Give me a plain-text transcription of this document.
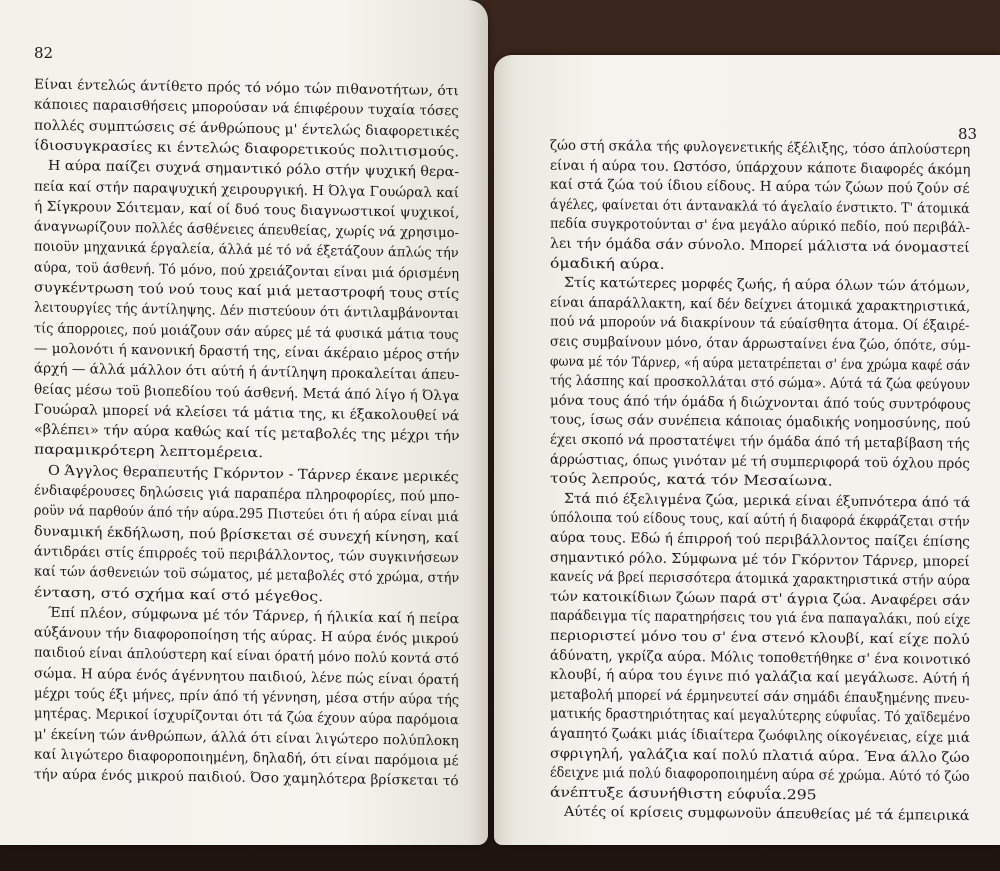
82
Είναι έντελώς άντίθετο πρός τό νόμο τών πιθανοτήτων, ότι
κάποιες παραισθήσεις μπορούσαν νά έπιφέρουν τυχαία τόσες
πολλές συμπτώσεις σέ άνθρώπους μ' έντελώς διαφορετικές
ίδιοσυγκρασίες κι έντελώς διαφορετικούς πολιτισμούς.
Η αύρα παίζει συχνά σημαντικό ρόλο στήν ψυχική θερα-
πεία καί στήν παραψυχική χειρουργική. Η Όλγα Γουώραλ καί
ή Σίγκρουν Σόιτεμαν, καί οί δυό τους διαγνωστικοί ψυχικοί,
άναγνωρίζουν πολλές άσθένειες άπευθείας, χωρίς νά χρησιμο-
ποιοϋν μηχανικά έργαλεία, άλλά μέ τό νά έξετάζουν άπλώς τήν
αύρα, τοϋ άσθενή. Τό μόνο, πού χρειάζονται είναι μιά όρισμένη
συγκέντρωση τού νού τους καί μιά μεταστροφή τους στίς
λειτουργίες τής άντίληψης. Δέν πιστεύουν ότι άντιλαμβάνονται
τίς άπορροιες, πού μοιάζουν σάν αύρες μέ τά φυσικά μάτια τους
— μολονότι ή κανονική δραστή της, είναι άκέραιο μέρος στήν
άρχή — άλλά μάλλον ότι αύτή ή άντίληψη προκαλείται άπευ-
θείας μέσω τοϋ βιοπεδίου τού άσθενή. Μετά άπό λίγο ή Όλγα
Γουώραλ μπορεί νά κλείσει τά μάτια της, κι έξακολουθεί νά
«βλέπει» τήν αύρα καθώς καί τίς μεταβολές της μέχρι τήν
παραμικρότερη λεπτομέρεια.
Ο Άγγλος θεραπευτής Γκόρντον - Τάρνερ έκανε μερικές
ένδιαφέρουσες δηλώσεις γιά παραπέρα πληροφορίες, πού μπο-
ροϋν νά παρθούν άπό τήν αύρα.295 Πιστεύει ότι ή αύρα είναι μιά
δυναμική έκδήλωση, πού βρίσκεται σέ συνεχή κίνηση, καί
άντιδράει στίς έπιρροές τοϋ περιβάλλοντος, τών συγκινήσεων
καί τών άσθενειών τοϋ σώματος, μέ μεταβολές στό χρώμα, στήν
ένταση, στό σχήμα καί στό μέγεθος.
Έπί πλέον, σύμφωνα μέ τόν Τάρνερ, ή ήλικία καί ή πείρα
αύξάνουν τήν διαφοροποίηση τής αύρας. Η αύρα ένός μικρού
παιδιού είναι άπλούστερη καί είναι όρατή μόνο πολύ κοντά στό
σώμα. Η αύρα ένός άγέννητου παιδιού, λένε πώς είναι όρατή
μέχρι τούς έξι μήνες, πρίν άπό τή γέννηση, μέσα στήν αύρα τής
μητέρας. Μερικοί ίσχυρίζονται ότι τά ζώα έχουν αύρα παρόμοια
μ' έκείνη τών άνθρώπων, άλλά ότι είναι λιγώτερο πολύπλοκη
καί λιγώτερο διαφοροποιημένη, δηλαδή, ότι είναι παρόμοια μέ
τήν αύρα ένός μικρού παιδιού. Όσο χαμηλότερα βρίσκεται τό
83
ζώο στή σκάλα τής φυλογενετικής έξέλιξης, τόσο άπλούστερη
είναι ή αύρα του. Ωστόσο, ύπάρχουν κάποτε διαφορές άκόμη
καί στά ζώα τού ίδιου είδους. Η αύρα τών ζώων πού ζούν σέ
άγέλες, φαίνεται ότι άντανακλά τό άγελαίο ένστικτο. Τ' άτομικά
πεδία συγκροτούνται σ' ένα μεγάλο αύρικό πεδίο, πού περιβάλ-
λει τήν όμάδα σάν σύνολο. Μπορεί μάλιστα νά όνομαστεί
όμαδική αύρα.
Στίς κατώτερες μορφές ζωής, ή αύρα όλων τών άτόμων,
είναι άπαράλλακτη, καί δέν δείχνει άτομικά χαρακτηριστικά,
πού νά μπορούν νά διακρίνουν τά εύαίσθητα άτομα. Οί έξαιρέ-
σεις συμβαίνουν μόνο, όταν άρρωσταίνει ένα ζώο, όπότε, σύμ-
φωνα μέ τόν Τάρνερ, «ή αύρα μετατρέπεται σ' ένα χρώμα καφέ σάν
τής λάσπης καί προσκολλάται στό σώμα». Αύτά τά ζώα φεύγουν
μόνα τους άπό τήν όμάδα ή διώχνονται άπό τούς συντρόφους
τους, ίσως σάν συνέπεια κάποιας όμαδικής νοημοσύνης, πού
έχει σκοπό νά προστατέψει τήν όμάδα άπό τή μεταβίβαση τής
άρρώστιας, όπως γινόταν μέ τή συμπεριφορά τοϋ όχλου πρός
τούς λεπρούς, κατά τόν Μεσαίωνα.
Στά πιό έξελιγμένα ζώα, μερικά είναι έξυπνότερα άπό τά
ύπόλοιπα τού είδους τους, καί αύτή ή διαφορά έκφράζεται στήν
αύρα τους. Εδώ ή έπιρροή τού περιβάλλοντος παίζει έπίσης
σημαντικό ρόλο. Σύμφωνα μέ τόν Γκόρντον Τάρνερ, μπορεί
κανείς νά βρεί περισσότερα άτομικά χαρακτηριστικά στήν αύρα
τών κατοικίδιων ζώων παρά στ' άγρια ζώα. Αναφέρει σάν
παράδειγμα τίς παρατηρήσεις του γιά ένα παπαγαλάκι, πού είχε
περιοριστεί μόνο του σ' ένα στενό κλουβί, καί είχε πολύ
άδύνατη, γκρίζα αύρα. Μόλις τοποθετήθηκε σ' ένα κοινοτικό
κλουβί, ή αύρα του έγινε πιό γαλάζια καί μεγάλωσε. Αύτή ή
μεταβολή μπορεί νά έρμηνευτεί σάν σημάδι έπαυξημένης πνευ-
ματικής δραστηριότητας καί μεγαλύτερης εύφυΐας. Τό χαϊδεμένο
άγαπητό ζωάκι μιάς ίδιαίτερα ζωόφιλης οίκογένειας, είχε μιά
σφριγηλή, γαλάζια καί πολύ πλατιά αύρα. Ένα άλλο ζώο
έδειχνε μιά πολύ διαφοροποιημένη αύρα σέ χρώμα. Αύτό τό ζώο
άνέπτυξε άσυνήθιστη εύφυΐα.295
Αύτές οί κρίσεις συμφωνοϋν άπευθείας μέ τά έμπειρικά
